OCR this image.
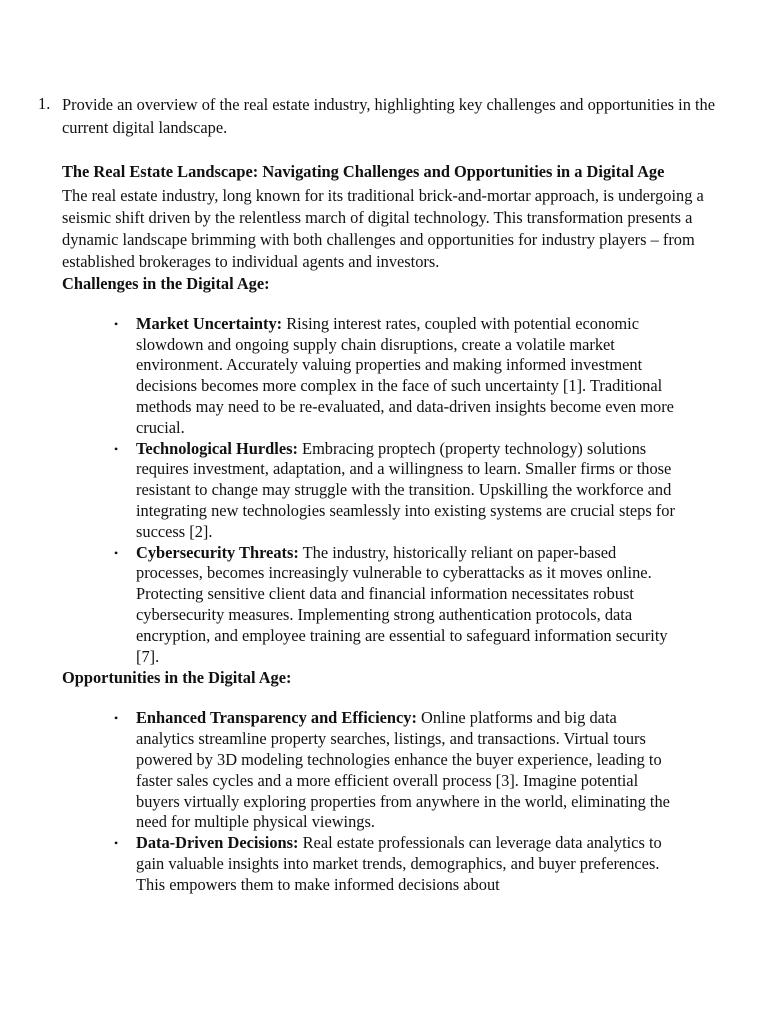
1. Provide an overview of the real estate industry, highlighting key challenges and opportunities in the current digital landscape.

The Real Estate Landscape: Navigating Challenges and Opportunities in a Digital Age

The real estate industry, long known for its traditional brick-and-mortar approach, is undergoing a seismic shift driven by the relentless march of digital technology. This transformation presents a dynamic landscape brimming with both challenges and opportunities for industry players – from established brokerages to individual agents and investors.

Challenges in the Digital Age:

• Market Uncertainty: Rising interest rates, coupled with potential economic slowdown and ongoing supply chain disruptions, create a volatile market environment. Accurately valuing properties and making informed investment decisions becomes more complex in the face of such uncertainty [1]. Traditional methods may need to be re-evaluated, and data-driven insights become even more crucial.
• Technological Hurdles: Embracing proptech (property technology) solutions requires investment, adaptation, and a willingness to learn. Smaller firms or those resistant to change may struggle with the transition. Upskilling the workforce and integrating new technologies seamlessly into existing systems are crucial steps for success [2].
• Cybersecurity Threats: The industry, historically reliant on paper-based processes, becomes increasingly vulnerable to cyberattacks as it moves online. Protecting sensitive client data and financial information necessitates robust cybersecurity measures. Implementing strong authentication protocols, data encryption, and employee training are essential to safeguard information security [7].

Opportunities in the Digital Age:

• Enhanced Transparency and Efficiency: Online platforms and big data analytics streamline property searches, listings, and transactions. Virtual tours powered by 3D modeling technologies enhance the buyer experience, leading to faster sales cycles and a more efficient overall process [3]. Imagine potential buyers virtually exploring properties from anywhere in the world, eliminating the need for multiple physical viewings.
• Data-Driven Decisions: Real estate professionals can leverage data analytics to gain valuable insights into market trends, demographics, and buyer preferences. This empowers them to make informed decisions about
